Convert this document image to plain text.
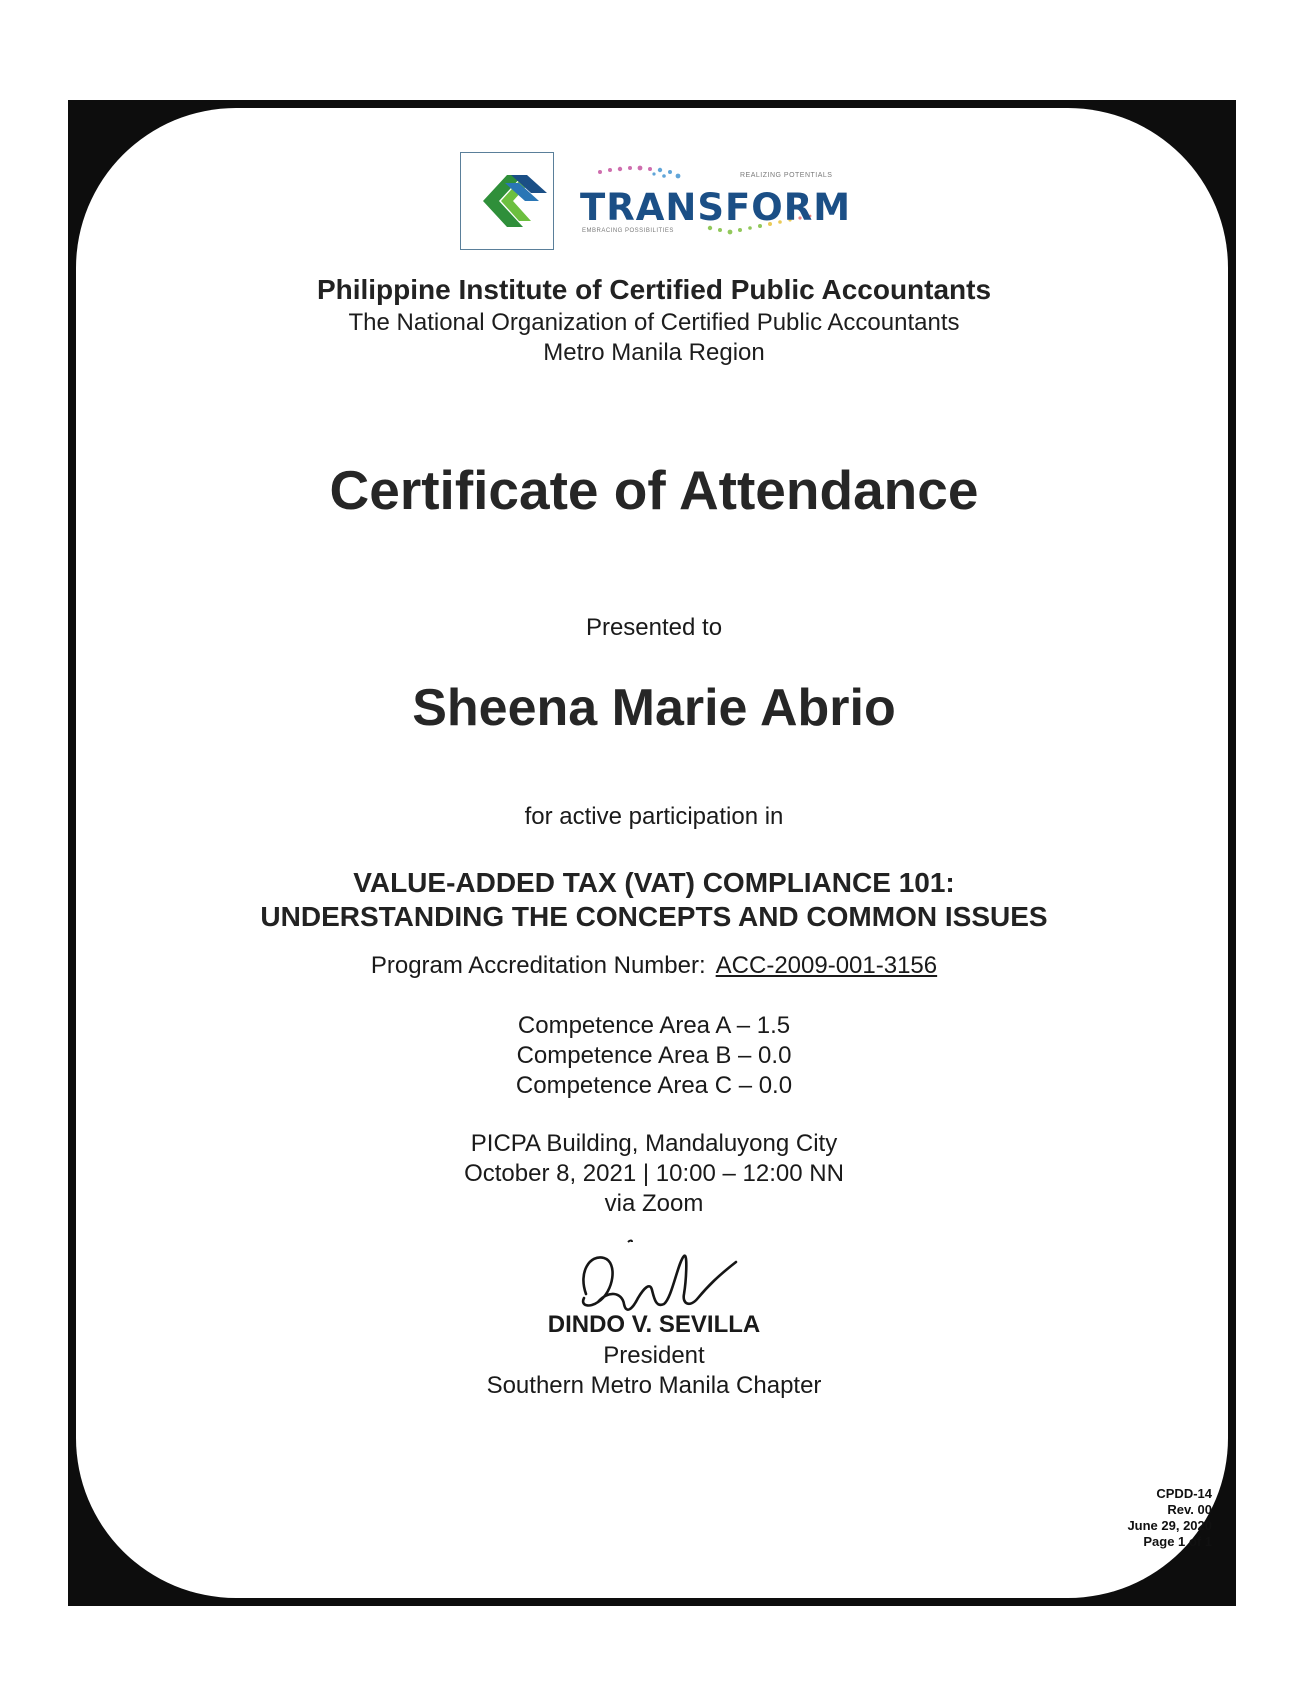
TRANSFORM
REALIZING POTENTIALS
EMBRACING POSSIBILITIES
Philippine Institute of Certified Public Accountants
The National Organization of Certified Public Accountants
Metro Manila Region
Certificate of Attendance
Presented to
Sheena Marie Abrio
for active participation in
VALUE-ADDED TAX (VAT) COMPLIANCE 101:
UNDERSTANDING THE CONCEPTS AND COMMON ISSUES
Program Accreditation Number: ACC-2009-001-3156
Competence Area A – 1.5
Competence Area B – 0.0
Competence Area C – 0.0
PICPA Building, Mandaluyong City
October 8, 2021 | 10:00 – 12:00 NN
via Zoom
DINDO V. SEVILLA
President
Southern Metro Manila Chapter
CPDD-14
Rev. 00
June 29, 2020
Page 1 of 1
